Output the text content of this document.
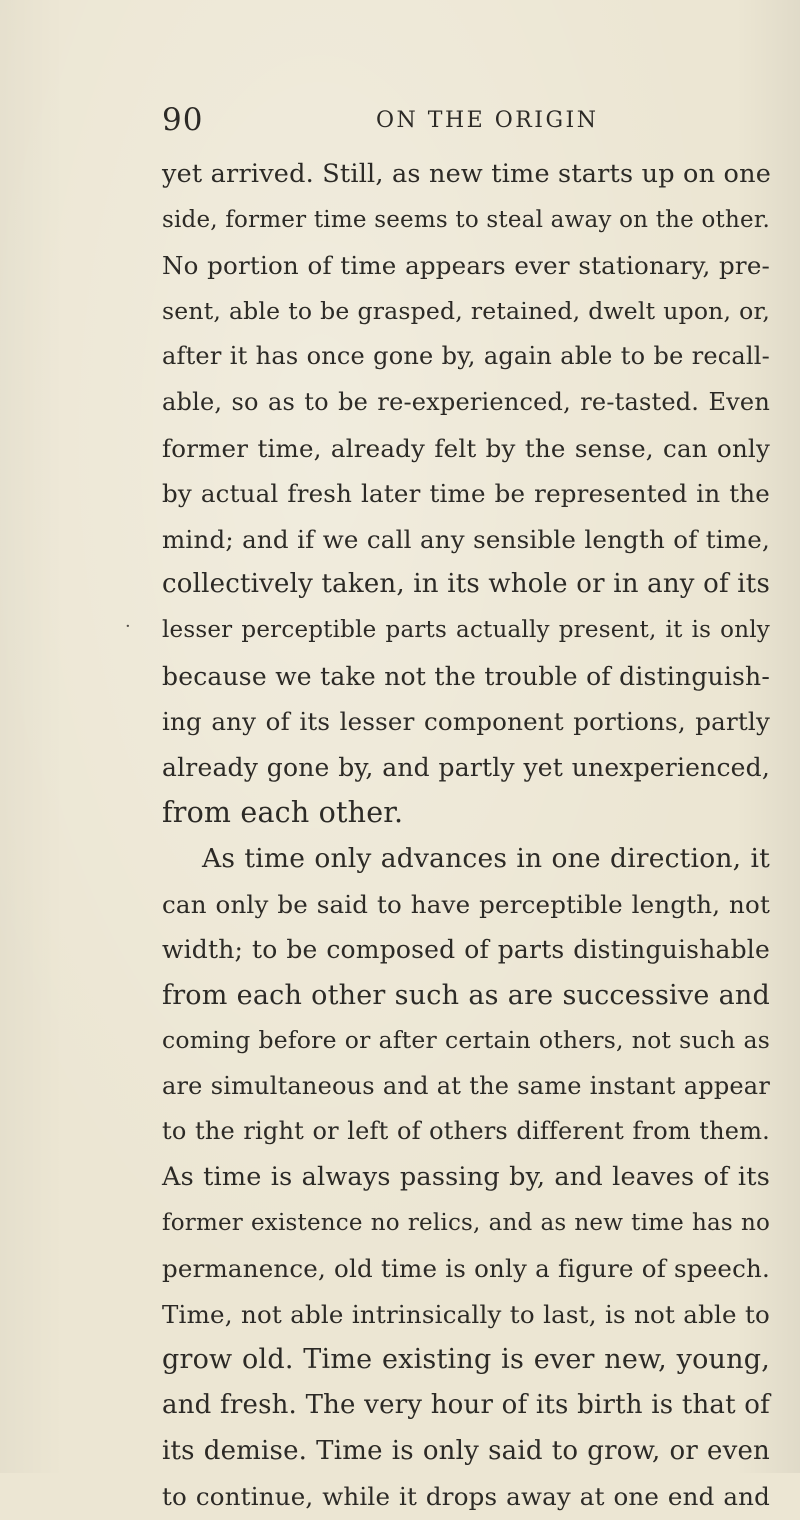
90	ON THE ORIGIN
·
yet arrived. Still, as new time starts up on one
side, former time seems to steal away on the other.
No portion of time appears ever stationary, pre-
sent, able to be grasped, retained, dwelt upon, or,
after it has once gone by, again able to be recall-
able, so as to be re-experienced, re-tasted. Even
former time, already felt by the sense, can only
by actual fresh later time be represented in the
mind; and if we call any sensible length of time,
collectively taken, in its whole or in any of its
lesser perceptible parts actually present, it is only
because we take not the trouble of distinguish-
ing any of its lesser component portions, partly
already gone by, and partly yet unexperienced,
from each other.
As time only advances in one direction, it
can only be said to have perceptible length, not
width; to be composed of parts distinguishable
from each other such as are successive and
coming before or after certain others, not such as
are simultaneous and at the same instant appear
to the right or left of others different from them.
As time is always passing by, and leaves of its
former existence no relics, and as new time has no
permanence, old time is only a figure of speech.
Time, not able intrinsically to last, is not able to
grow old. Time existing is ever new, young,
and fresh. The very hour of its birth is that of
its demise. Time is only said to grow, or even
to continue, while it drops away at one end and
